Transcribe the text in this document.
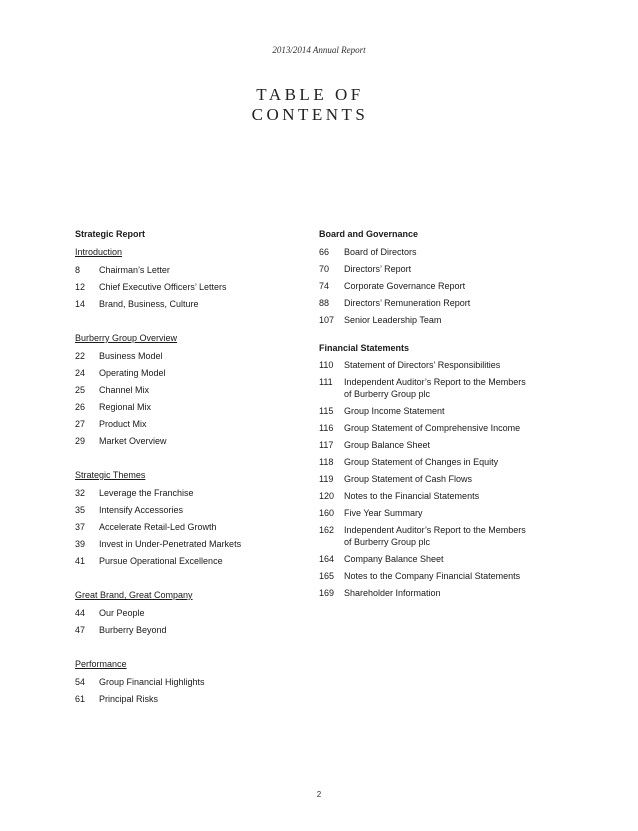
2013/2014 Annual Report
TABLE OF
CONTENTS
Strategic Report
Introduction
8	Chairman’s Letter
12	Chief Executive Officers’ Letters
14	Brand, Business, Culture
Burberry Group Overview
22	Business Model
24	Operating Model
25	Channel Mix
26	Regional Mix
27	Product Mix
29	Market Overview
Strategic Themes
32	Leverage the Franchise
35	Intensify Accessories
37	Accelerate Retail-Led Growth
39	Invest in Under-Penetrated Markets
41	Pursue Operational Excellence
Great Brand, Great Company
44	Our People
47	Burberry Beyond
Performance
54	Group Financial Highlights
61	Principal Risks
Board and Governance
66	Board of Directors
70	Directors’ Report
74	Corporate Governance Report
88	Directors’ Remuneration Report
107	Senior Leadership Team
Financial Statements
110	Statement of Directors’ Responsibilities
111	Independent Auditor’s Report to the Members of Burberry Group plc
115	Group Income Statement
116	Group Statement of Comprehensive Income
117	Group Balance Sheet
118	Group Statement of Changes in Equity
119	Group Statement of Cash Flows
120	Notes to the Financial Statements
160	Five Year Summary
162	Independent Auditor’s Report to the Members of Burberry Group plc
164	Company Balance Sheet
165	Notes to the Company Financial Statements
169	Shareholder Information
2
